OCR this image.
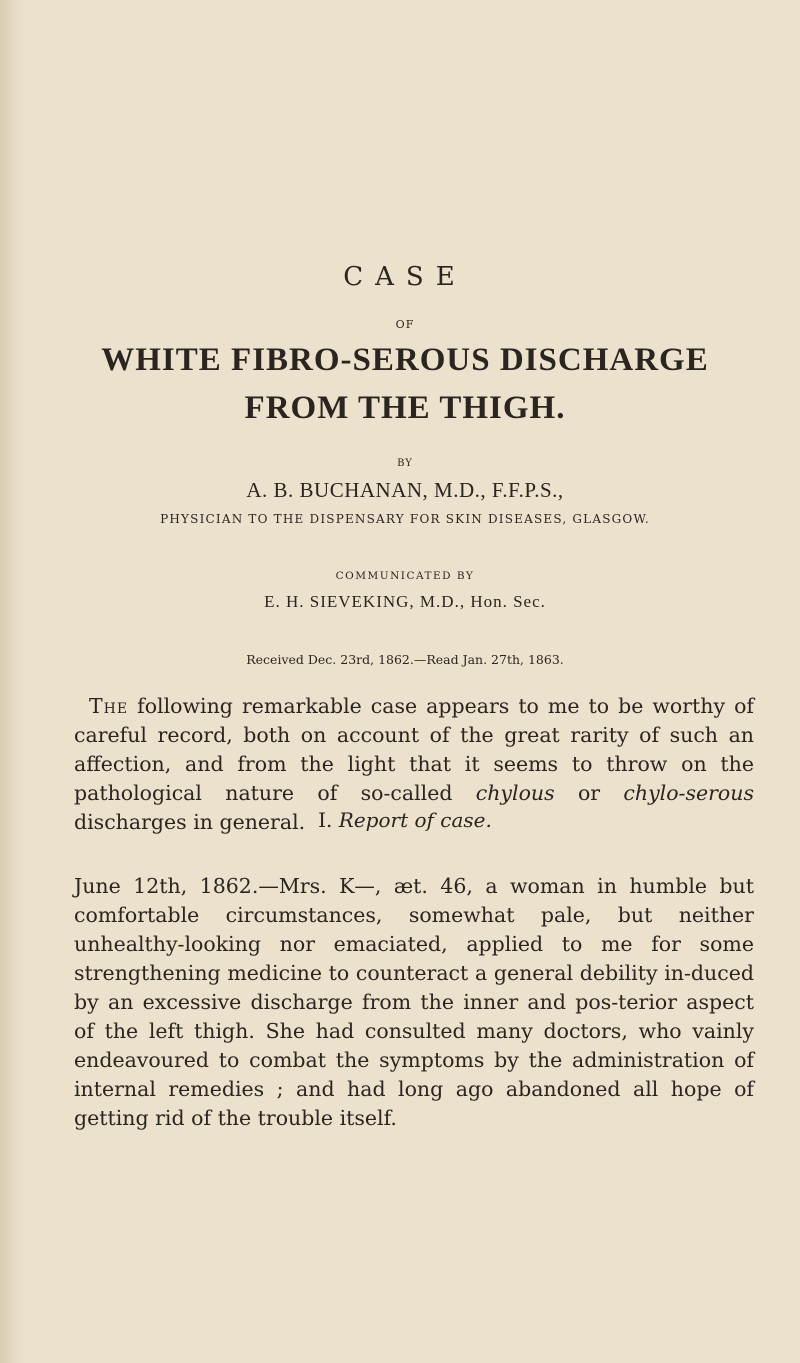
CASE
OF
WHITE FIBRO-SEROUS DISCHARGE
FROM THE THIGH.
BY
A. B. BUCHANAN, M.D., F.F.P.S.,
PHYSICIAN TO THE DISPENSARY FOR SKIN DISEASES, GLASGOW.
COMMUNICATED BY
E. H. SIEVEKING, M.D., Hon. Sec.
Received Dec. 23rd, 1862.—Read Jan. 27th, 1863.
The following remarkable case appears to me to be worthy of careful record, both on account of the great rarity of such an affection, and from the light that it seems to throw on the pathological nature of so-called chylous or chylo-serous discharges in general. I. Report of case.
June 12th, 1862.—Mrs. K—, æt. 46, a woman in humble but comfortable circumstances, somewhat pale, but neither unhealthy-looking nor emaciated, applied to me for some strengthening medicine to counteract a general debility in-duced by an excessive discharge from the inner and pos-terior aspect of the left thigh. She had consulted many doctors, who vainly endeavoured to combat the symptoms by the administration of internal remedies ; and had long ago abandoned all hope of getting rid of the trouble itself.
